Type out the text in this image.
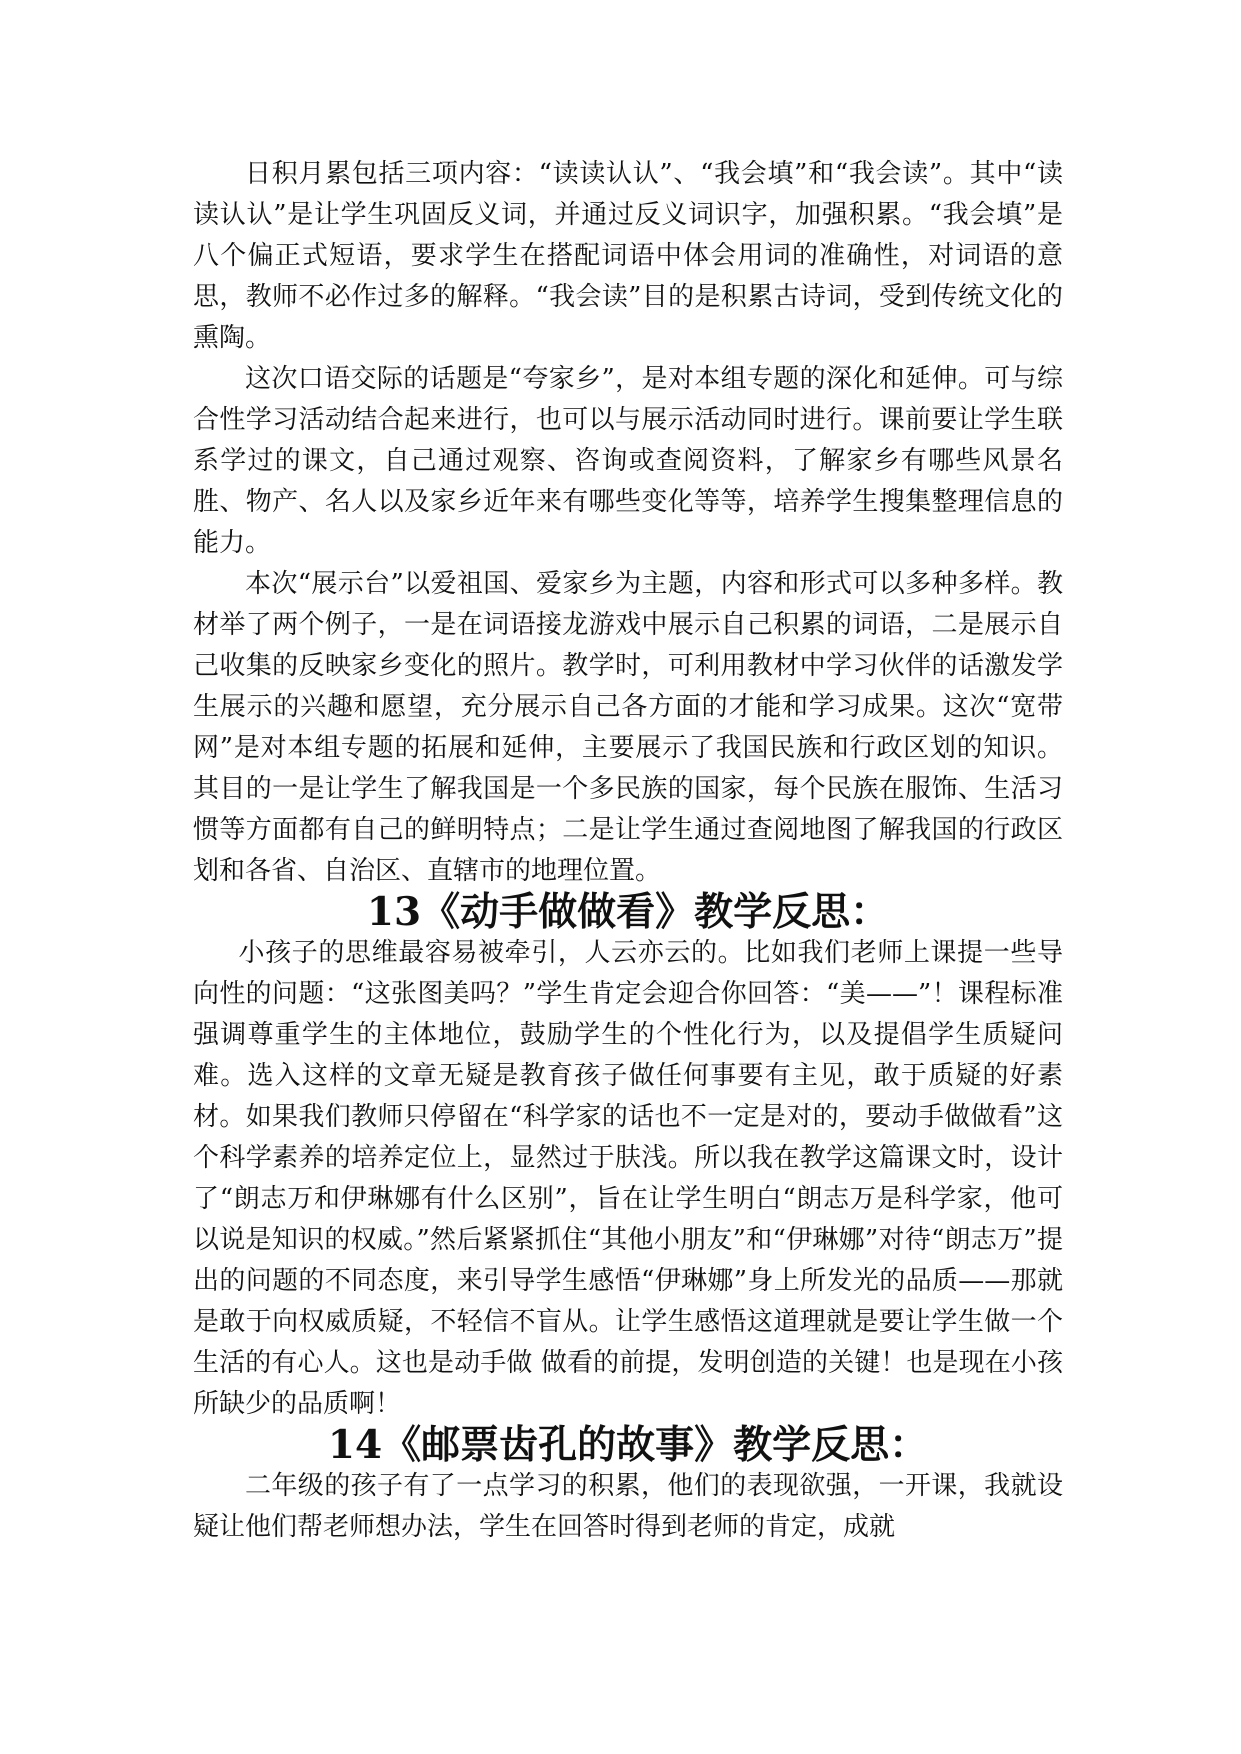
日积月累包括三项内容：“读读认认”、“我会填”和“我会读”。其中“读读认认”是让学生巩固反义词，并通过反义词识字，加强积累。“我会填”是八个偏正式短语，要求学生在搭配词语中体会用词的准确性，对词语的意思，教师不必作过多的解释。“我会读”目的是积累古诗词，受到传统文化的熏陶。

这次口语交际的话题是“夸家乡”，是对本组专题的深化和延伸。可与综合性学习活动结合起来进行，也可以与展示活动同时进行。课前要让学生联系学过的课文，自己通过观察、咨询或查阅资料，了解家乡有哪些风景名胜、物产、名人以及家乡近年来有哪些变化等等，培养学生搜集整理信息的能力。

本次“展示台”以爱祖国、爱家乡为主题，内容和形式可以多种多样。教材举了两个例子，一是在词语接龙游戏中展示自己积累的词语，二是展示自己收集的反映家乡变化的照片。教学时，可利用教材中学习伙伴的话激发学生展示的兴趣和愿望，充分展示自己各方面的才能和学习成果。这次“宽带网”是对本组专题的拓展和延伸，主要展示了我国民族和行政区划的知识。其目的一是让学生了解我国是一个多民族的国家，每个民族在服饰、生活习惯等方面都有自己的鲜明特点；二是让学生通过查阅地图了解我国的行政区划和各省、自治区、直辖市的地理位置。

13《动手做做看》教学反思：

小孩子的思维最容易被牵引，人云亦云的。比如我们老师上课提一些导向性的问题：“这张图美吗？”学生肯定会迎合你回答：“美——”！课程标准强调尊重学生的主体地位，鼓励学生的个性化行为，以及提倡学生质疑问难。选入这样的文章无疑是教育孩子做任何事要有主见，敢于质疑的好素材。如果我们教师只停留在“科学家的话也不一定是对的，要动手做做看”这个科学素养的培养定位上，显然过于肤浅。所以我在教学这篇课文时，设计了“朗志万和伊琳娜有什么区别”，旨在让学生明白“朗志万是科学家，他可以说是知识的权威。”然后紧紧抓住“其他小朋友”和“伊琳娜”对待“朗志万”提出的问题的不同态度，来引导学生感悟“伊琳娜”身上所发光的品质——那就是敢于向权威质疑，不轻信不盲从。让学生感悟这道理就是要让学生做一个生活的有心人。这也是动手做 做看的前提，发明创造的关键！也是现在小孩所缺少的品质啊！

14《邮票齿孔的故事》教学反思：

二年级的孩子有了一点学习的积累，他们的表现欲强，一开课，我就设疑让他们帮老师想办法，学生在回答时得到老师的肯定，成就
